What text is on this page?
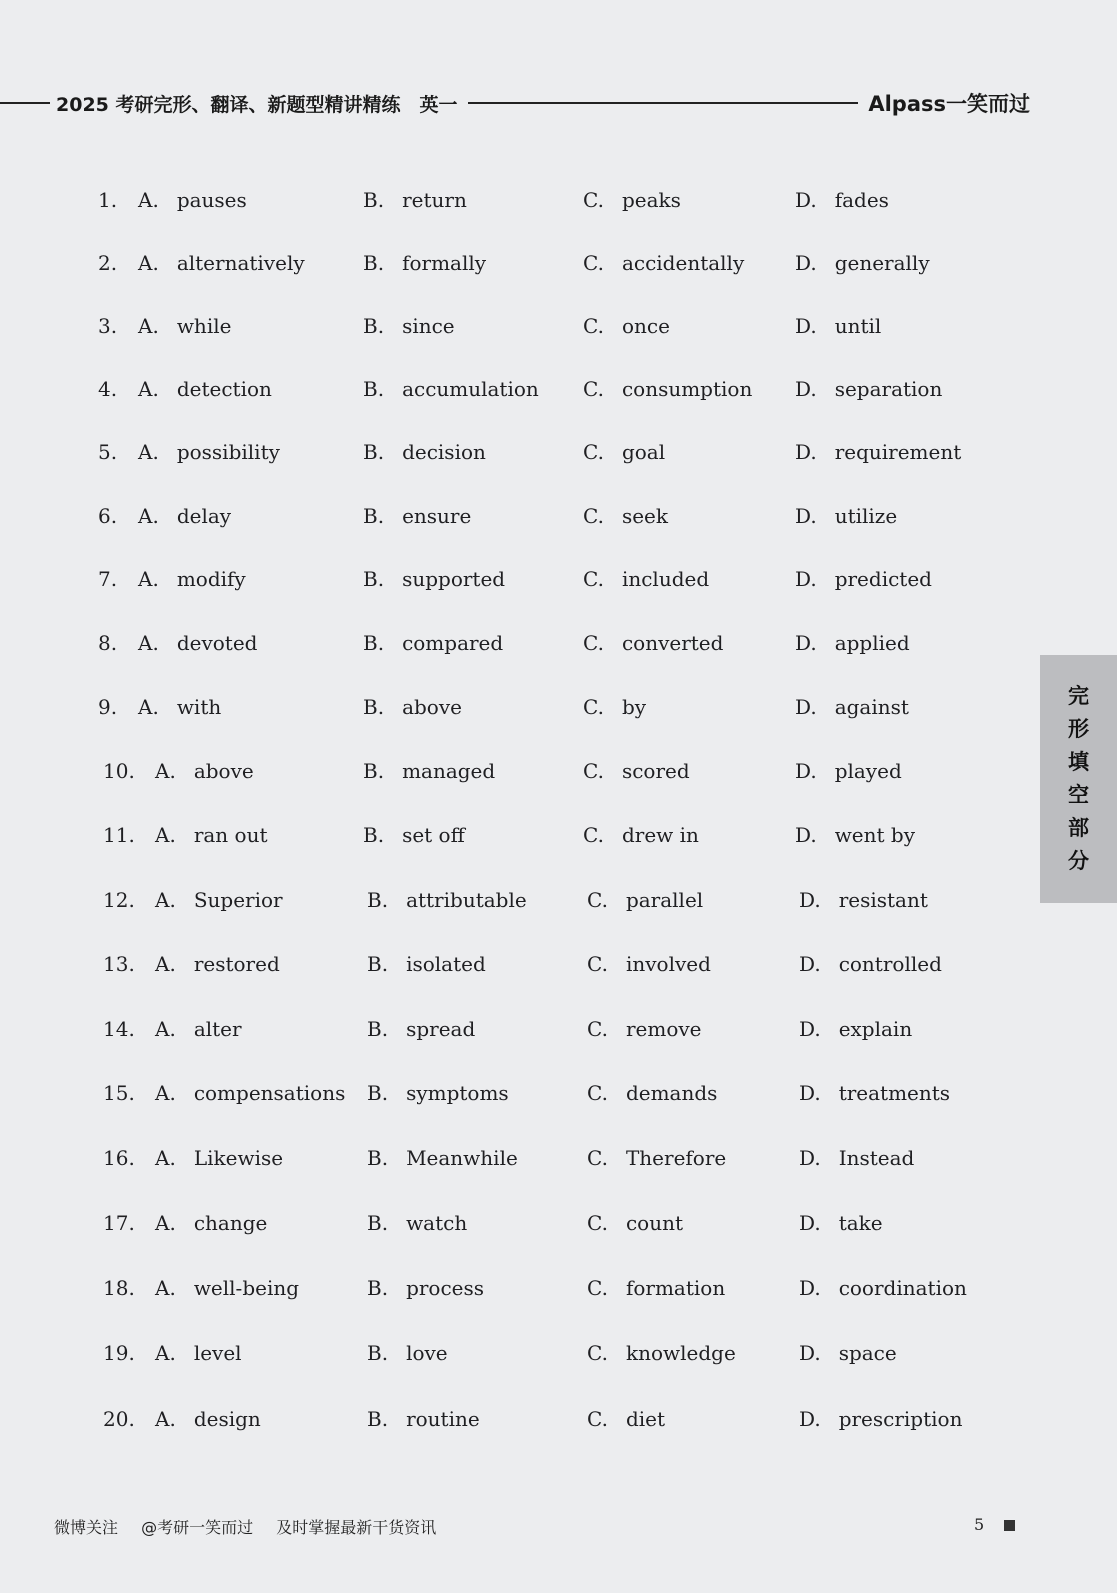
2025 考研完形、翻译、新题型精讲精练　英一	Alpass一笑而过
1. A. pauses	B. return	C. peaks	D. fades
2. A. alternatively	B. formally	C. accidentally	D. generally
3. A. while	B. since	C. once	D. until
4. A. detection	B. accumulation C. consumption D. separation
5. A. possibility	B. decision	C. goal	D. requirement
6. A. delay	B. ensure	C. seek	D. utilize
7. A. modify	B. supported	C. included	D. predicted
8. A. devoted	B. compared	C. converted	D. applied
9. A. with	B. above	C. by	D. against
10. A. above	B. managed	C. scored	D. played
11. A. ran out	B. set off	C. drew in	D. went by
12. A. Superior	B. attributable	C. parallel	D. resistant
13. A. restored	B. isolated	C. involved	D. controlled
14. A. alter	B. spread	C. remove	D. explain
15. A. compensations B. symptoms	C. demands	D. treatments
16. A. Likewise	B. Meanwhile	C. Therefore	D. Instead
17. A. change	B. watch	C. count	D. take
18. A. well-being	B. process	C. formation	D. coordination
19. A. level	B. love	C. knowledge	D. space
20. A. design	B. routine	C. diet	D. prescription
完
形
填
空
部
分
微博关注 @考研一笑而过 及时掌握最新干货资讯	5
